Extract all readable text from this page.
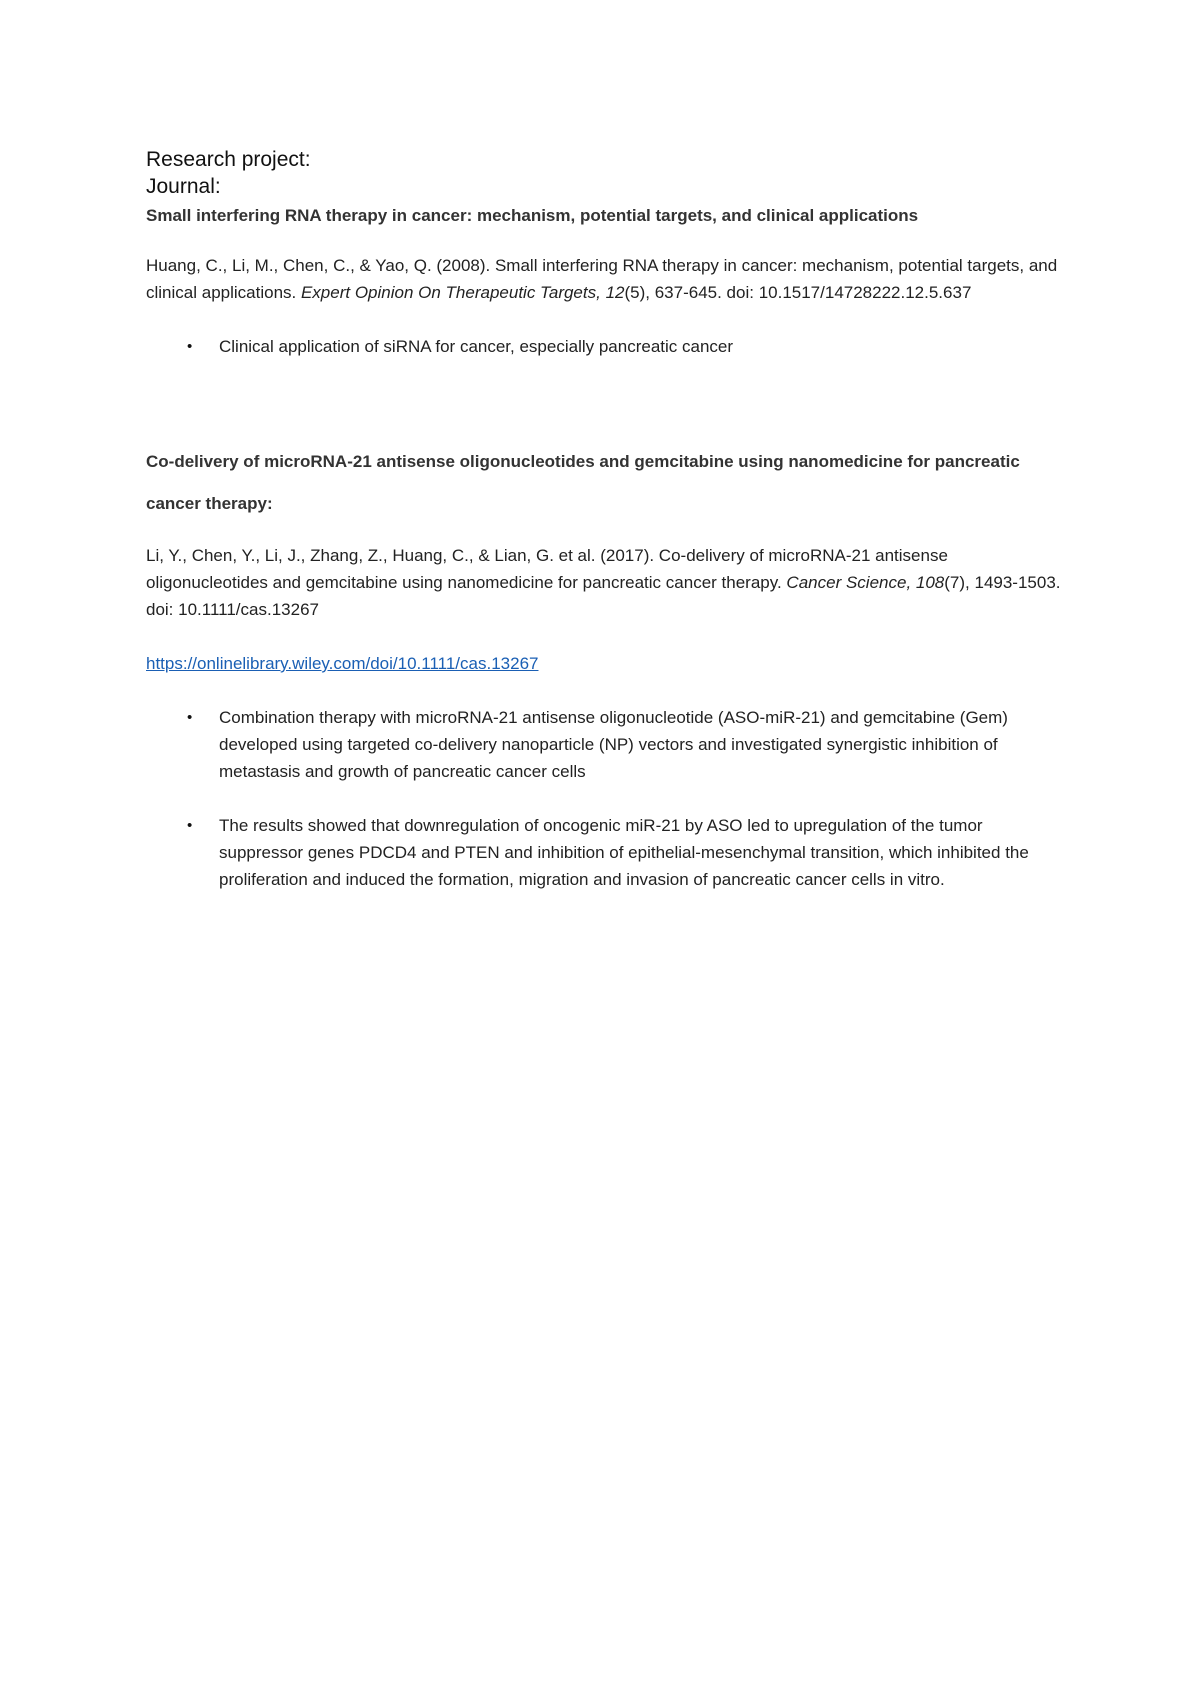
Research project:

Journal:

Small interfering RNA therapy in cancer: mechanism, potential targets, and clinical applications

Huang, C., Li, M., Chen, C., & Yao, Q. (2008). Small interfering RNA therapy in cancer: mechanism, potential targets, and clinical applications. Expert Opinion On Therapeutic Targets, 12(5), 637-645. doi: 10.1517/14728222.12.5.637

• Clinical application of siRNA for cancer, especially pancreatic cancer

Co-delivery of microRNA-21 antisense oligonucleotides and gemcitabine using nanomedicine for pancreatic cancer therapy:

Li, Y., Chen, Y., Li, J., Zhang, Z., Huang, C., & Lian, G. et al. (2017). Co-delivery of microRNA-21 antisense oligonucleotides and gemcitabine using nanomedicine for pancreatic cancer therapy. Cancer Science, 108(7), 1493-1503. doi: 10.1111/cas.13267

https://onlinelibrary.wiley.com/doi/10.1111/cas.13267
• Combination therapy with microRNA-21 antisense oligonucleotide (ASO-miR-21) and gemcitabine (Gem) developed using targeted co-delivery nanoparticle (NP) vectors and investigated synergistic inhibition of metastasis and growth of pancreatic cancer cells
• The results showed that downregulation of oncogenic miR-21 by ASO led to upregulation of the tumor suppressor genes PDCD4 and PTEN and inhibition of epithelial-mesenchymal transition, which inhibited the proliferation and induced the formation, migration and invasion of pancreatic cancer cells in vitro.
